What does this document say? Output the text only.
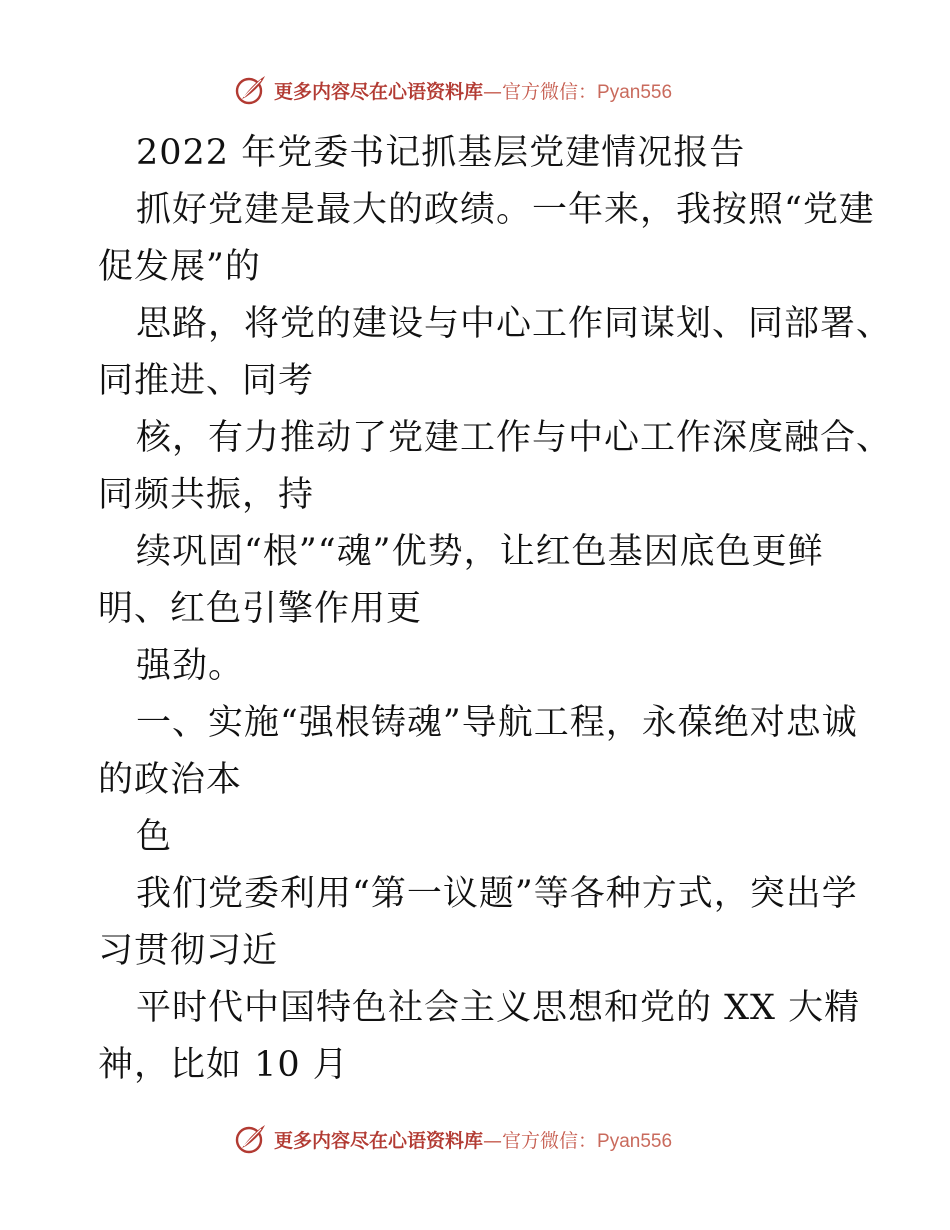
更多内容尽在心语资料库—官方微信：Pyan556
2022 年党委书记抓基层党建情况报告
抓好党建是最大的政绩。一年来，我按照“党建
促发展”的
思路，将党的建设与中心工作同谋划、同部署、
同推进、同考
核，有力推动了党建工作与中心工作深度融合、
同频共振，持
续巩固“根”“魂”优势，让红色基因底色更鲜
明、红色引擎作用更
强劲。
一、实施“强根铸魂”导航工程，永葆绝对忠诚
的政治本
色
我们党委利用“第一议题”等各种方式，突出学
习贯彻习近
平时代中国特色社会主义思想和党的 XX 大精
神，比如 10 月
更多内容尽在心语资料库—官方微信：Pyan556
